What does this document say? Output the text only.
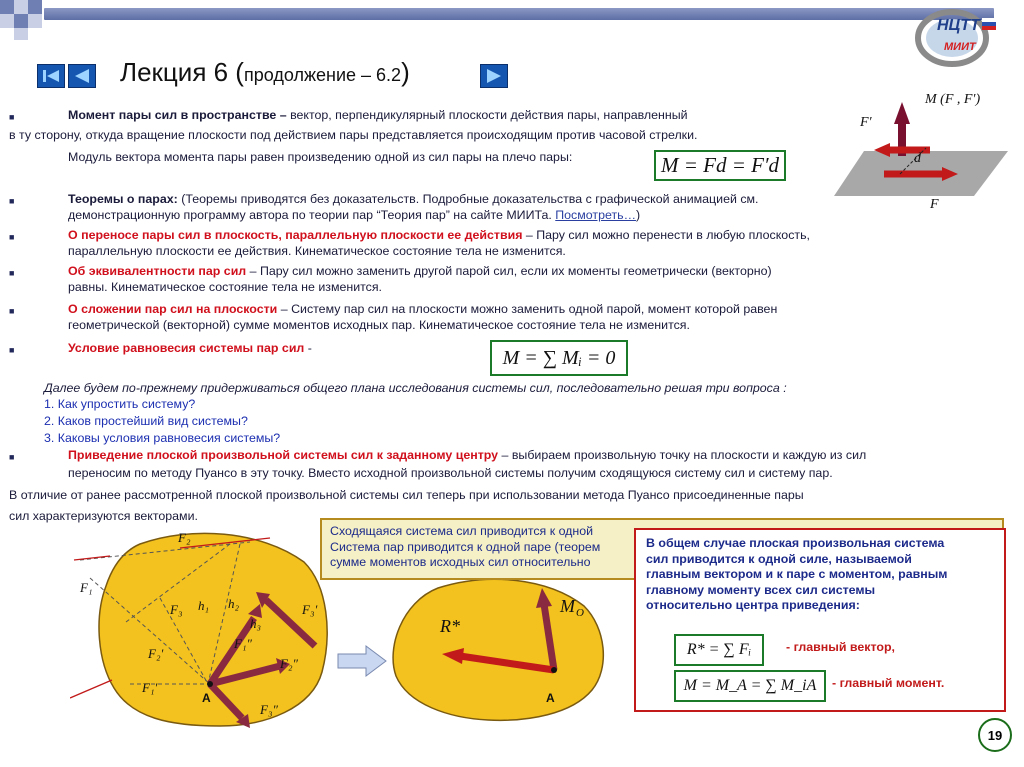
НЦТТ
МИИТ
Лекция 6 (продолжение – 6.2)
■	Момент пары сил в пространстве – вектор, перпендикулярный плоскости действия пары, направленный
в ту сторону, откуда вращение плоскости под действием пары представляется происходящим против часовой стрелки.
Модуль вектора момента пары равен произведению одной из сил пары на плечо пары:	M = Fd = F′d
M (F , F′)
F′
d
F
■	Теоремы о парах: (Теоремы приводятся без доказательств. Подробные доказательства с графической анимацией см.
демонстрационную программу автора по теории пар “Теория пар” на сайте МИИТа. Посмотреть…)
■	О переносе пары сил в плоскость, параллельную плоскости ее действия – Пару сил можно перенести в любую плоскость,
параллельную плоскости ее действия. Кинематическое состояние тела не изменится.
■	Об эквивалентности пар сил – Пару сил можно заменить другой парой сил, если их моменты геометрически (векторно)
равны. Кинематическое состояние тела не изменится.
■	О сложении пар сил на плоскости – Систему пар сил на плоскости можно заменить одной парой, момент которой равен
геометрической (векторной) сумме моментов исходных пар. Кинематическое состояние тела не изменится.
■	Условие равновесия системы пар сил -	M = ∑ Mᵢ = 0
Далее будем по-прежнему придерживаться общего плана исследования системы сил, последовательно решая три вопроса :
1. Как упростить систему?
2. Каков простейший вид системы?
3. Каковы условия равновесия системы?
■	Приведение плоской произвольной системы сил к заданному центру – выбираем произвольную точку на плоскости и каждую из сил
переносим по методу Пуансо в эту точку. Вместо исходной произвольной системы получим сходящуюся систему сил и систему пар.
В отличие от ранее рассмотренной плоской произвольной системы сил теперь при использовании метода Пуансо присоединенные пары
сил характеризуются векторами.
F₂
F₁
F₃ h₁ h₂
h₃
F₃′
F₂′
F₁″
F₂″
F₁′
F₃″
A
R*
M O
A
Сходящаяся система сил приводится к одной
Система пар приводится к одной паре (теорем
сумме моментов исходных сил относительно
В общем случае плоская произвольная система
сил приводится к одной силе, называемой
главным вектором и к паре с моментом, равным
главному моменту всех сил системы
относительно центра приведения:
R* = ∑ Fᵢ	- главный вектор,
M = M_A = ∑ M_iA	- главный момент.
19
